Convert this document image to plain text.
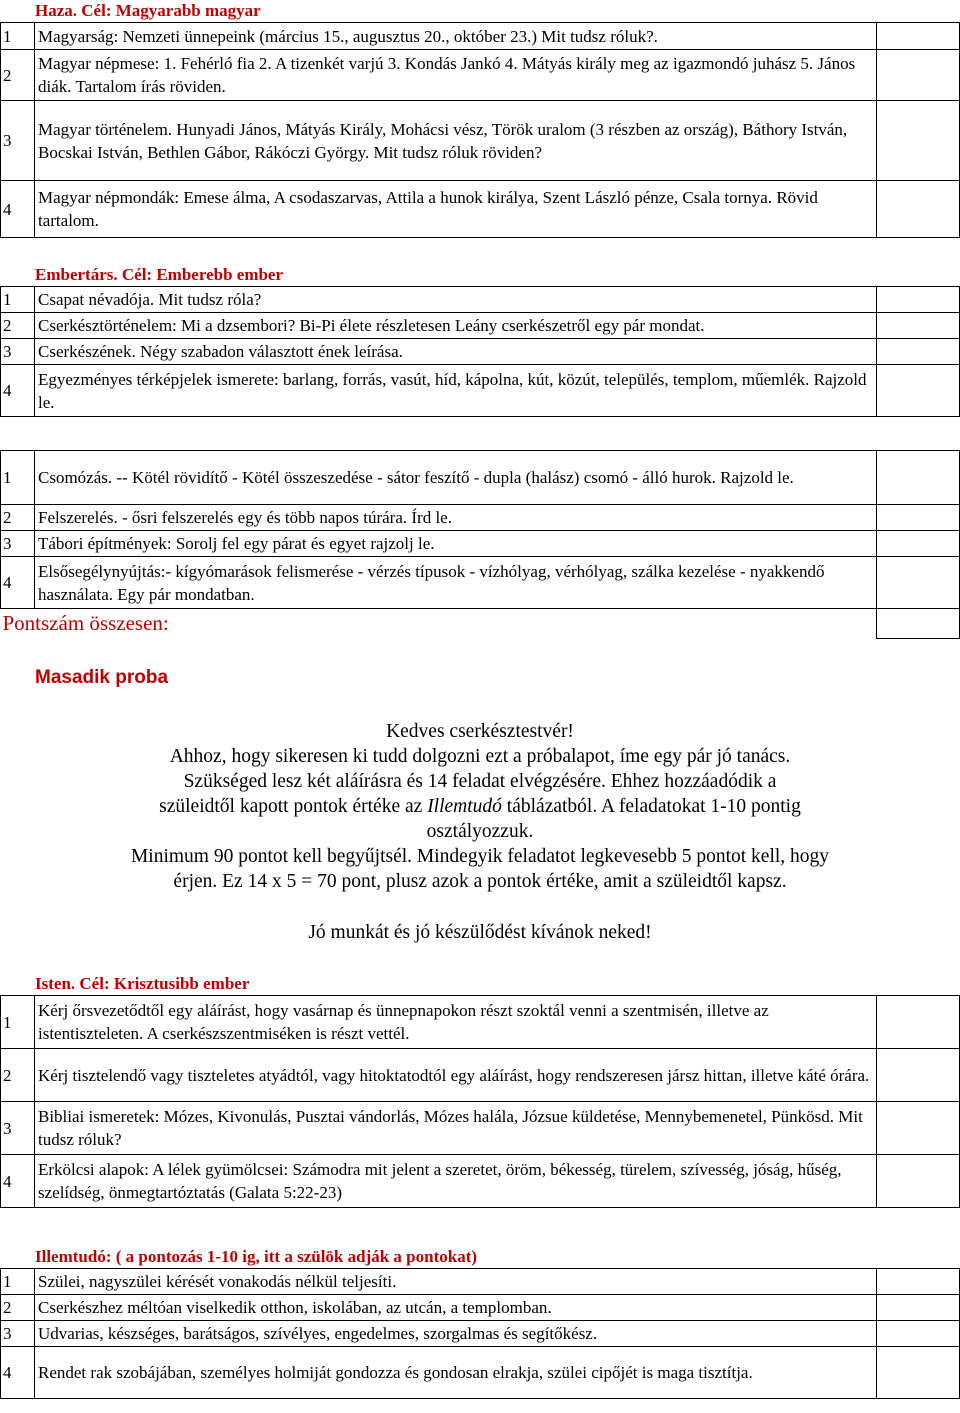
Haza. Cél: Magyarabb magyar
1	Magyarság: Nemzeti ünnepeink (március 15., augusztus 20., október 23.) Mit tudsz róluk?.	
2	Magyar népmese: 1. Fehérló fia 2. A tizenkét varjú 3. Kondás Jankó 4. Mátyás király meg az igazmondó juhász 5. János diák. Tartalom írás röviden.	
3	Magyar történelem. Hunyadi János, Mátyás Király, Mohácsi vész, Török uralom (3 részben az ország), Báthory István, Bocskai István, Bethlen Gábor, Rákóczi György. Mit tudsz róluk röviden?	
4	Magyar népmondák: Emese álma, A csodaszarvas, Attila a hunok királya, Szent László pénze, Csala tornya. Rövid tartalom.	
Embertárs. Cél: Emberebb ember
1	Csapat névadója. Mit tudsz róla?	
2	Cserkésztörténelem: Mi a dzsembori? Bi-Pi élete részletesen Leány cserkészetről egy pár mondat.	
3	Cserkészének. Négy szabadon választott ének leírása.	
4	Egyezményes térképjelek ismerete: barlang, forrás, vasút, híd, kápolna, kút, közút, település, templom, műemlék. Rajzold le.	
1	Csomózás. -- Kötél rövidítő - Kötél összeszedése - sátor feszítő - dupla (halász) csomó - álló hurok. Rajzold le.	
2	Felszerelés. - ősri felszerelés egy és több napos túrára. Írd le.	
3	Tábori építmények: Sorolj fel egy párat és egyet rajzolj le.	
4	Elsősegélynyújtás:- kígyómarások felismerése - vérzés típusok - vízhólyag, vérhólyag, szálka kezelése - nyakkendő használata. Egy pár mondatban.	
Pontszám összesen:		
Masadik proba

Kedves cserkésztestvér!

Ahhoz, hogy sikeresen ki tudd dolgozni ezt a próbalapot, íme egy pár jó tanács.

Szükséged lesz két aláírásra és 14 feladat elvégzésére. Ehhez hozzáadódik a

szüleidtől kapott pontok értéke az Illemtudó táblázatból. A feladatokat 1-10 pontig

osztályozzuk.

Minimum 90 pontot kell begyűjtsél. Mindegyik feladatot legkevesebb 5 pontot kell, hogy

érjen. Ez 14 x 5 = 70 pont, plusz azok a pontok értéke, amit a szüleidtől kapsz.

Jó munkát és jó készülődést kívánok neked!
Isten. Cél: Krisztusibb ember
1	Kérj őrsvezetődtől egy aláírást, hogy vasárnap és ünnepnapokon részt szoktál venni a szentmisén, illetve az istentiszteleten. A cserkészszentmiséken is részt vettél.	
2	Kérj tisztelendő vagy tiszteletes atyádtól, vagy hitoktatodtól egy aláírást, hogy rendszeresen jársz hittan, illetve káté órára.	
3	Bibliai ismeretek: Mózes, Kivonulás, Pusztai vándorlás, Mózes halála, Józsue küldetése, Mennybemenetel, Pünkösd. Mit tudsz róluk?	
4	Erkölcsi alapok: A lélek gyümölcsei: Számodra mit jelent a szeretet, öröm, békesség, türelem, szívesség, jóság, hűség, szelídség, önmegtartóztatás (Galata 5:22-23)	
Illemtudó: ( a pontozás 1-10 ig, itt a szülök adják a pontokat)
1	Szülei, nagyszülei kérését vonakodás nélkül teljesíti.	
2	Cserkészhez méltóan viselkedik otthon, iskolában, az utcán, a templomban.	
3	Udvarias, készséges, barátságos, szívélyes, engedelmes, szorgalmas és segítőkész.	
4	Rendet rak szobájában, személyes holmiját gondozza és gondosan elrakja, szülei cipőjét is maga tisztítja.	
